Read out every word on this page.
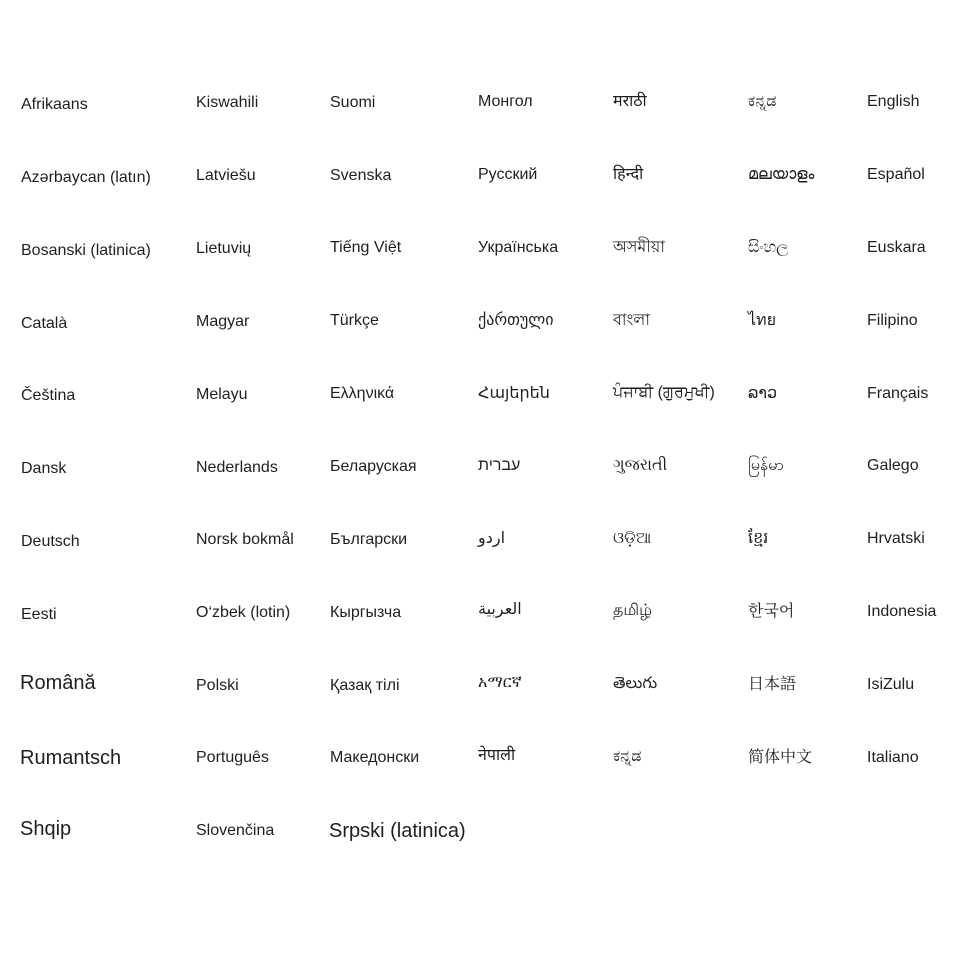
Afrikaans
Azərbaycan (latın)
Bosanski (latinica)
Català
Čeština
Dansk
Deutsch
Eesti
Română
Rumantsch
Shqip
Kiswahili
Latviešu
Lietuvių
Magyar
Melayu
Nederlands
Norsk bokmål
O‘zbek (lotin)
Polski
Português
Slovenčina
Suomi
Svenska
Tiếng Việt
Türkçe
Ελληνικά
Беларуская
Български
Кыргызча
Қазақ тілі
Македонски
Srpski (latinica)
Монгол
Русский
Українська
ქართული
Հայերեն
עברית
اردو
العربية
አማርኛ
नेपाली
मराठी
हिन्दी
অসমীয়া
বাংলা
ਪੰਜਾਬੀ (ਗੁਰਮੁਖੀ)
ગુજરાતી
ଓଡ଼ିଆ
தமிழ்
తెలుగు
ಕನ್ನಡ
ಕನ್ನಡ
മലയാളം
සිංහල
ไทย
ລາວ
မြန်မာ
ខ្មែរ
한국어
日本語
简体中文
English
Español
Euskara
Filipino
Français
Galego
Hrvatski
Indonesia
IsiZulu
Italiano
